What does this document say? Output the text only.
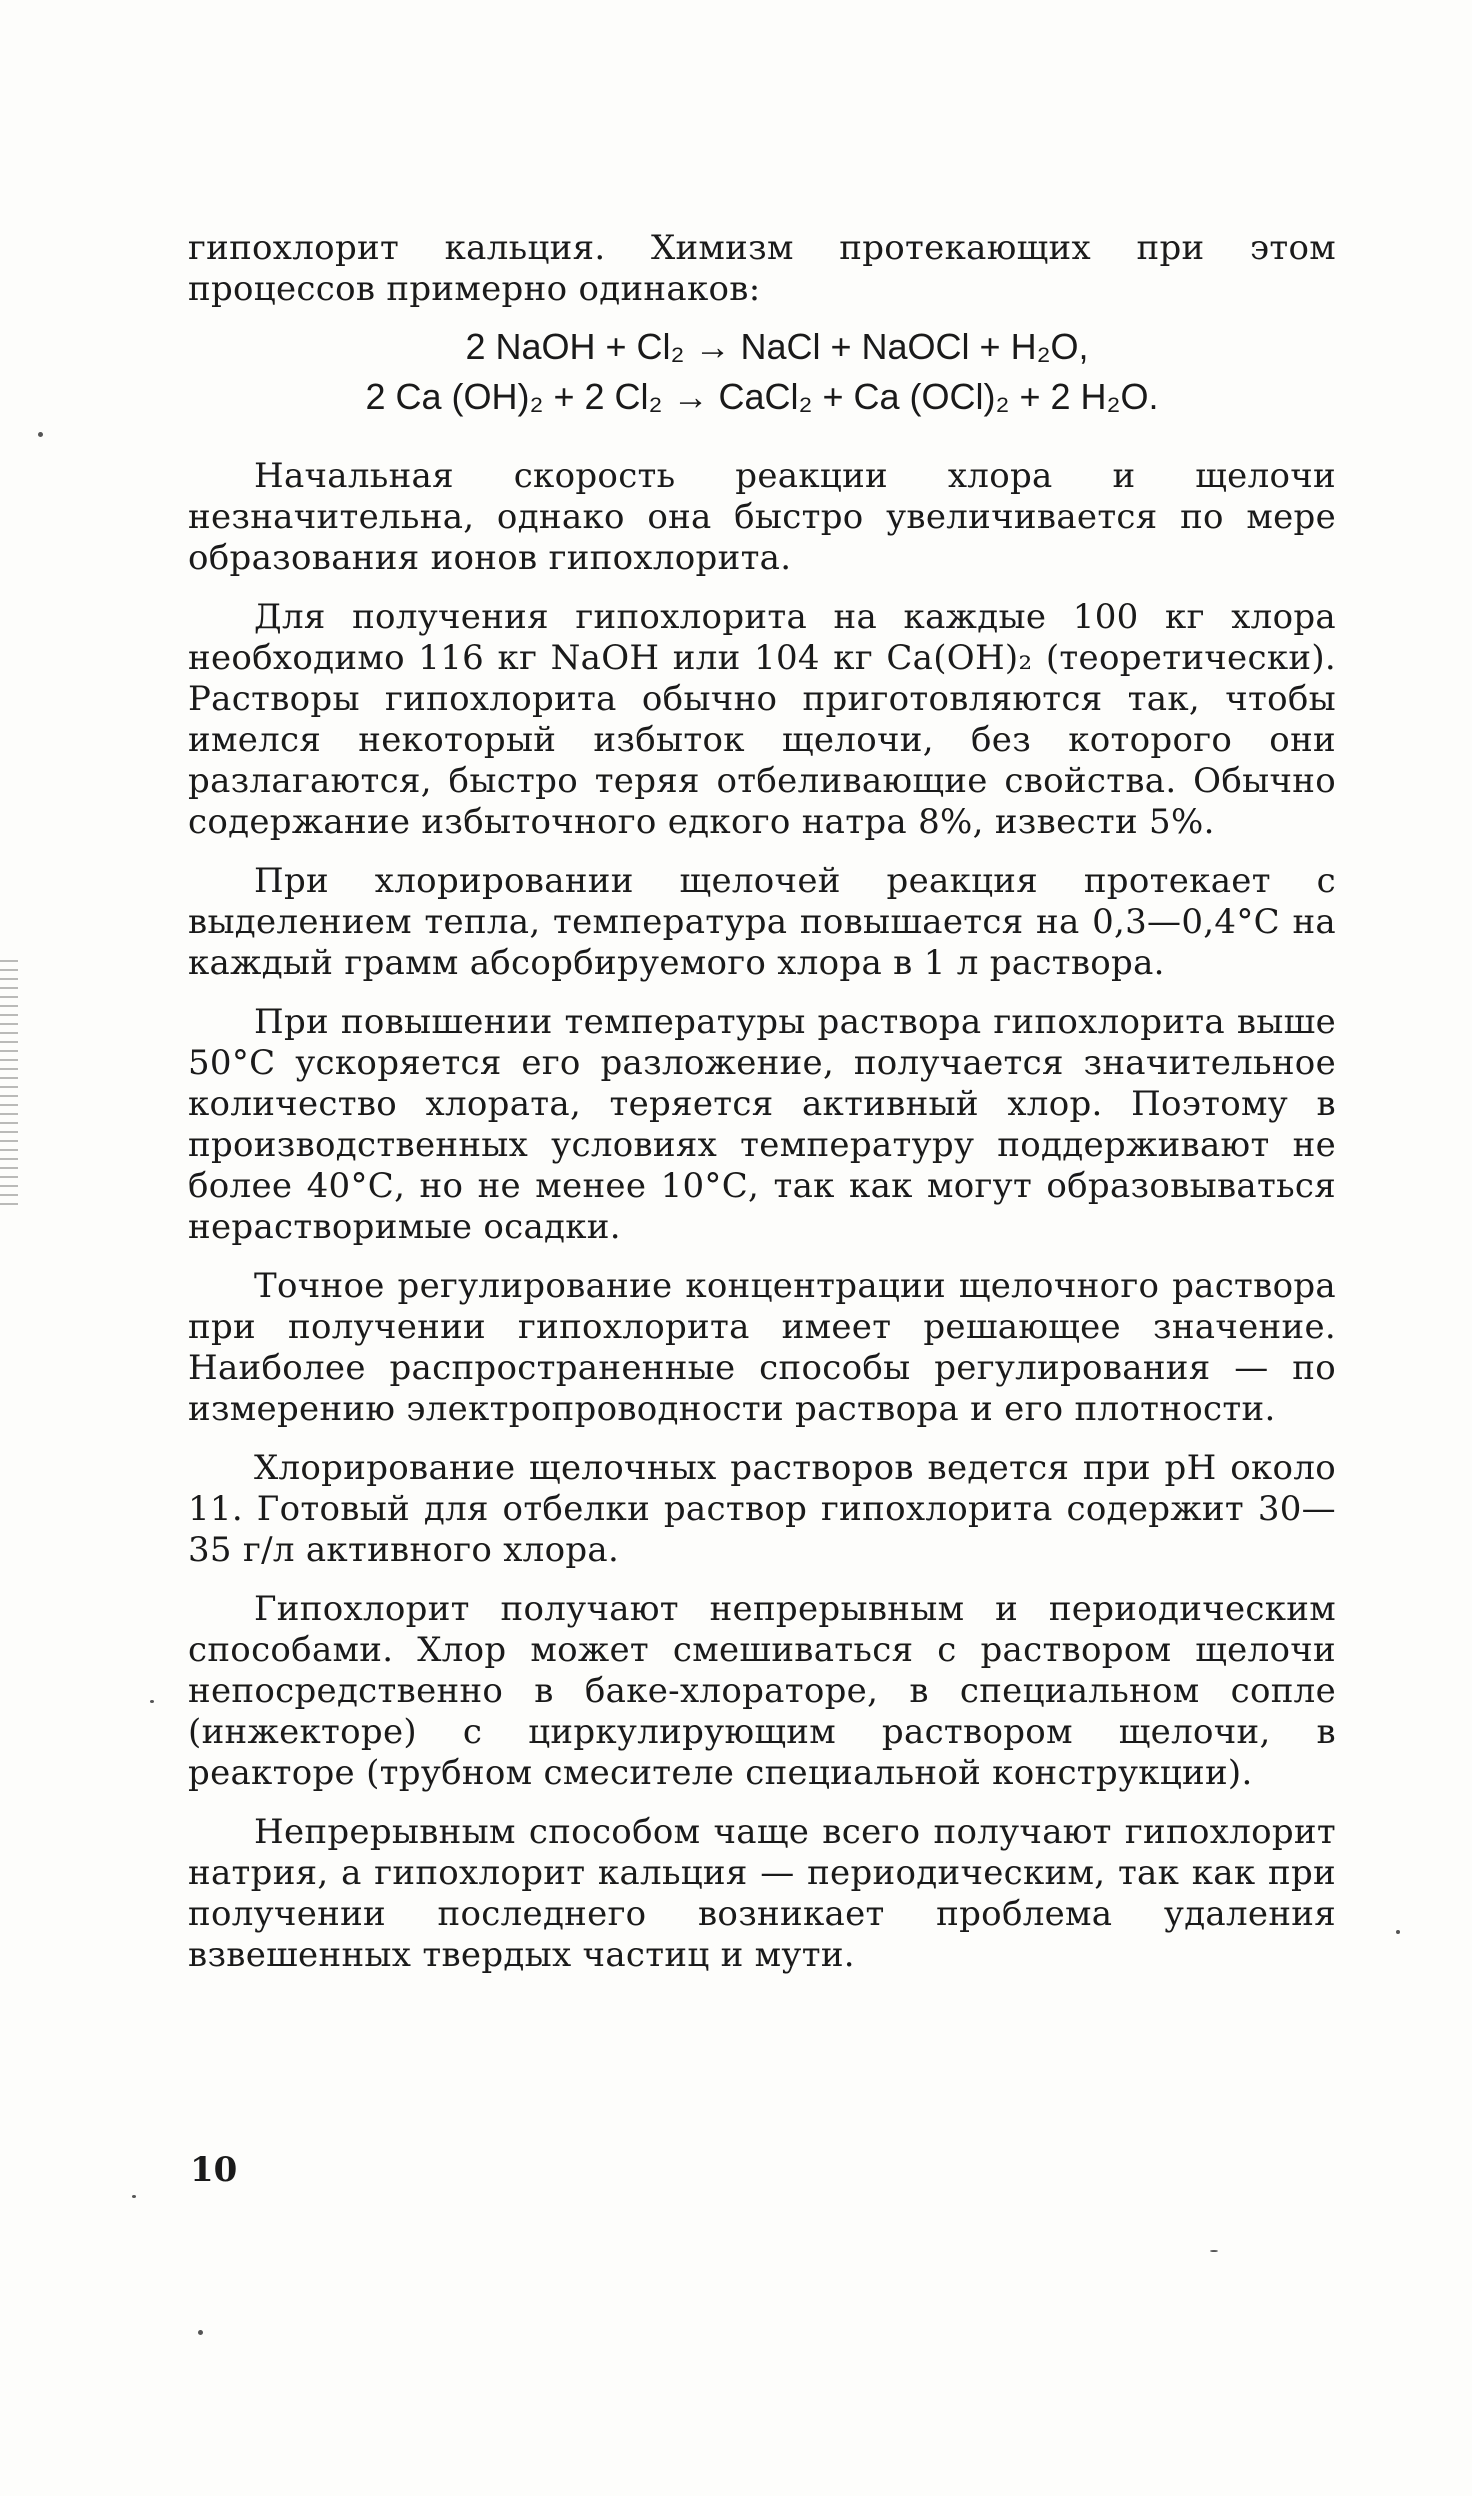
гипохлорит кальция. Химизм протекающих при этом процессов примерно одинаков:

2 NaOH + Cl₂ → NaCl + NaOCl + H₂O,
2 Ca (OH)₂ + 2 Cl₂ → CaCl₂ + Ca (OCl)₂ + 2 H₂O.

Начальная скорость реакции хлора и щелочи незначительна, однако она быстро увеличивается по мере образования ионов гипохлорита.

Для получения гипохлорита на каждые 100 кг хлора необходимо 116 кг NaOH или 104 кг Ca(OH)₂ (теоретически). Растворы гипохлорита обычно приготовляются так, чтобы имелся некоторый избыток щелочи, без которого они разлагаются, быстро теряя отбеливающие свойства. Обычно содержание избыточного едкого натра 8%, извести 5%.

При хлорировании щелочей реакция протекает с выделением тепла, температура повышается на 0,3—0,4°С на каждый грамм абсорбируемого хлора в 1 л раствора.

При повышении температуры раствора гипохлорита выше 50°С ускоряется его разложение, получается значительное количество хлората, теряется активный хлор. Поэтому в производственных условиях температуру поддерживают не более 40°С, но не менее 10°С, так как могут образовываться нерастворимые осадки.

Точное регулирование концентрации щелочного раствора при получении гипохлорита имеет решающее значение. Наиболее распространенные способы регулирования — по измерению электропроводности раствора и его плотности.

Хлорирование щелочных растворов ведется при pH около 11. Готовый для отбелки раствор гипохлорита содержит 30—35 г/л активного хлора.

Гипохлорит получают непрерывным и периодическим способами. Хлор может смешиваться с раствором щелочи непосредственно в баке-хлораторе, в специальном сопле (инжекторе) с циркулирующим раствором щелочи, в реакторе (трубном смесителе специальной конструкции).

Непрерывным способом чаще всего получают гипохлорит натрия, а гипохлорит кальция — периодическим, так как при получении последнего возникает проблема удаления взвешенных твердых частиц и мути.

10
